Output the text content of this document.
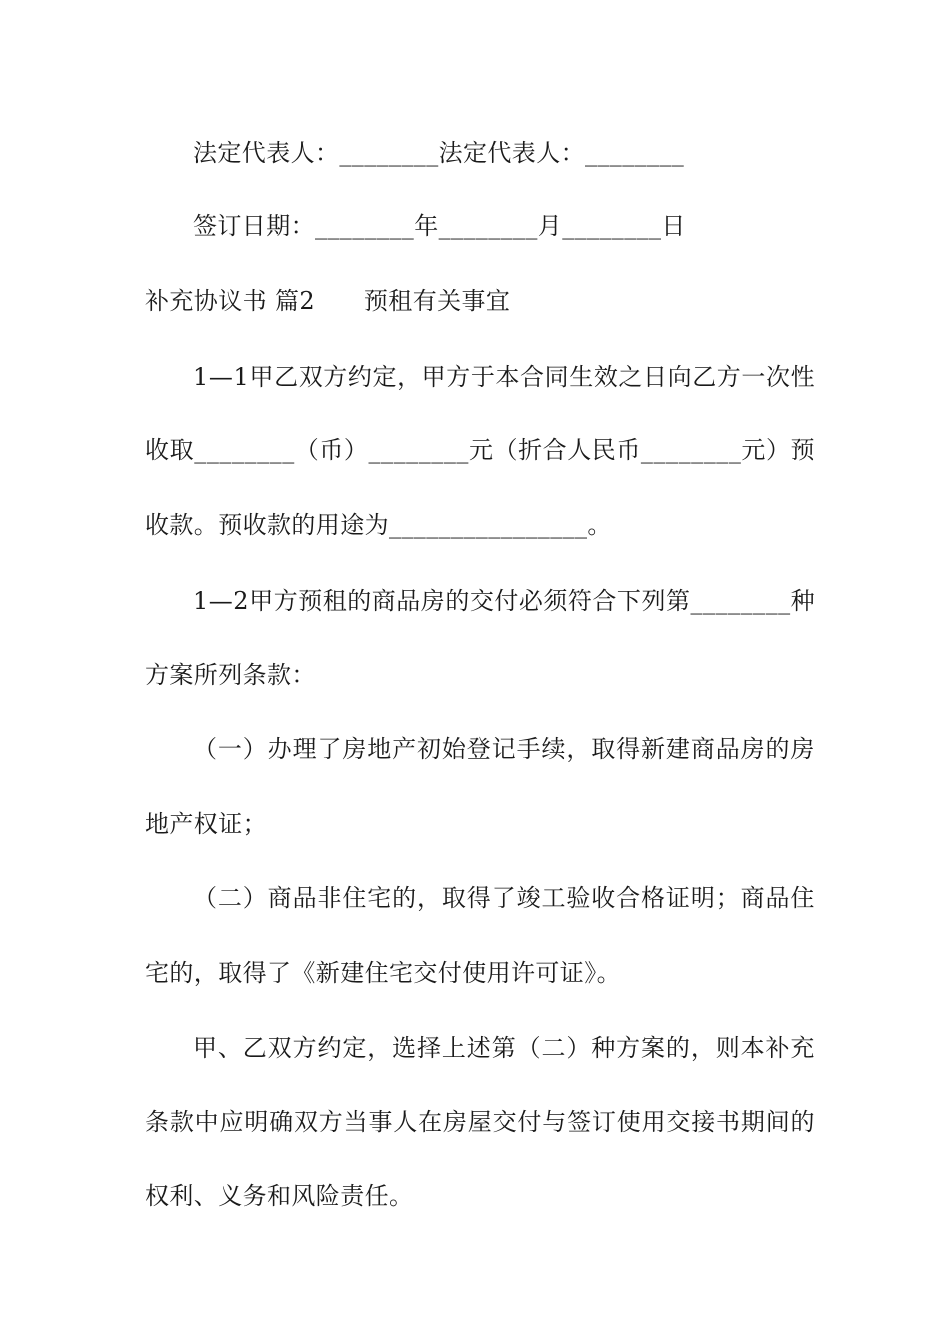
法定代表人：________法定代表人：________
签订日期：________年________月________日
补充协议书 篇2　　预租有关事宜
1 — 1 甲 乙 双 方 约 定 ， 甲 方 于 本 合 同 生 效 之 日 向 乙 方 一 次 性
收 取 _ _ _ _ _ _ _ _ （ 币 ） _ _ _ _ _ _ _ _ 元 （ 折 合 人 民 币 _ _ _ _ _ _ _ _ 元 ） 预
收款。预收款的用途为________________。
1 — 2 甲 方 预 租 的 商 品 房 的 交 付 必 须 符 合 下 列 第 _ _ _ _ _ _ _ _ 种
方案所列条款：
（ 一 ） 办 理 了 房 地 产 初 始 登 记 手 续 ， 取 得 新 建 商 品 房 的 房
地产权证；
（ 二 ） 商 品 非 住 宅 的 ， 取 得 了 竣 工 验 收 合 格 证 明 ； 商 品 住
宅的，取得了《新建住宅交付使用许可证》。
甲 、 乙 双 方 约 定 ， 选 择 上 述 第 （ 二 ） 种 方 案 的 ， 则 本 补 充
条 款 中 应 明 确 双 方 当 事 人 在 房 屋 交 付 与 签 订 使 用 交 接 书 期 间 的
权利、义务和风险责任。
